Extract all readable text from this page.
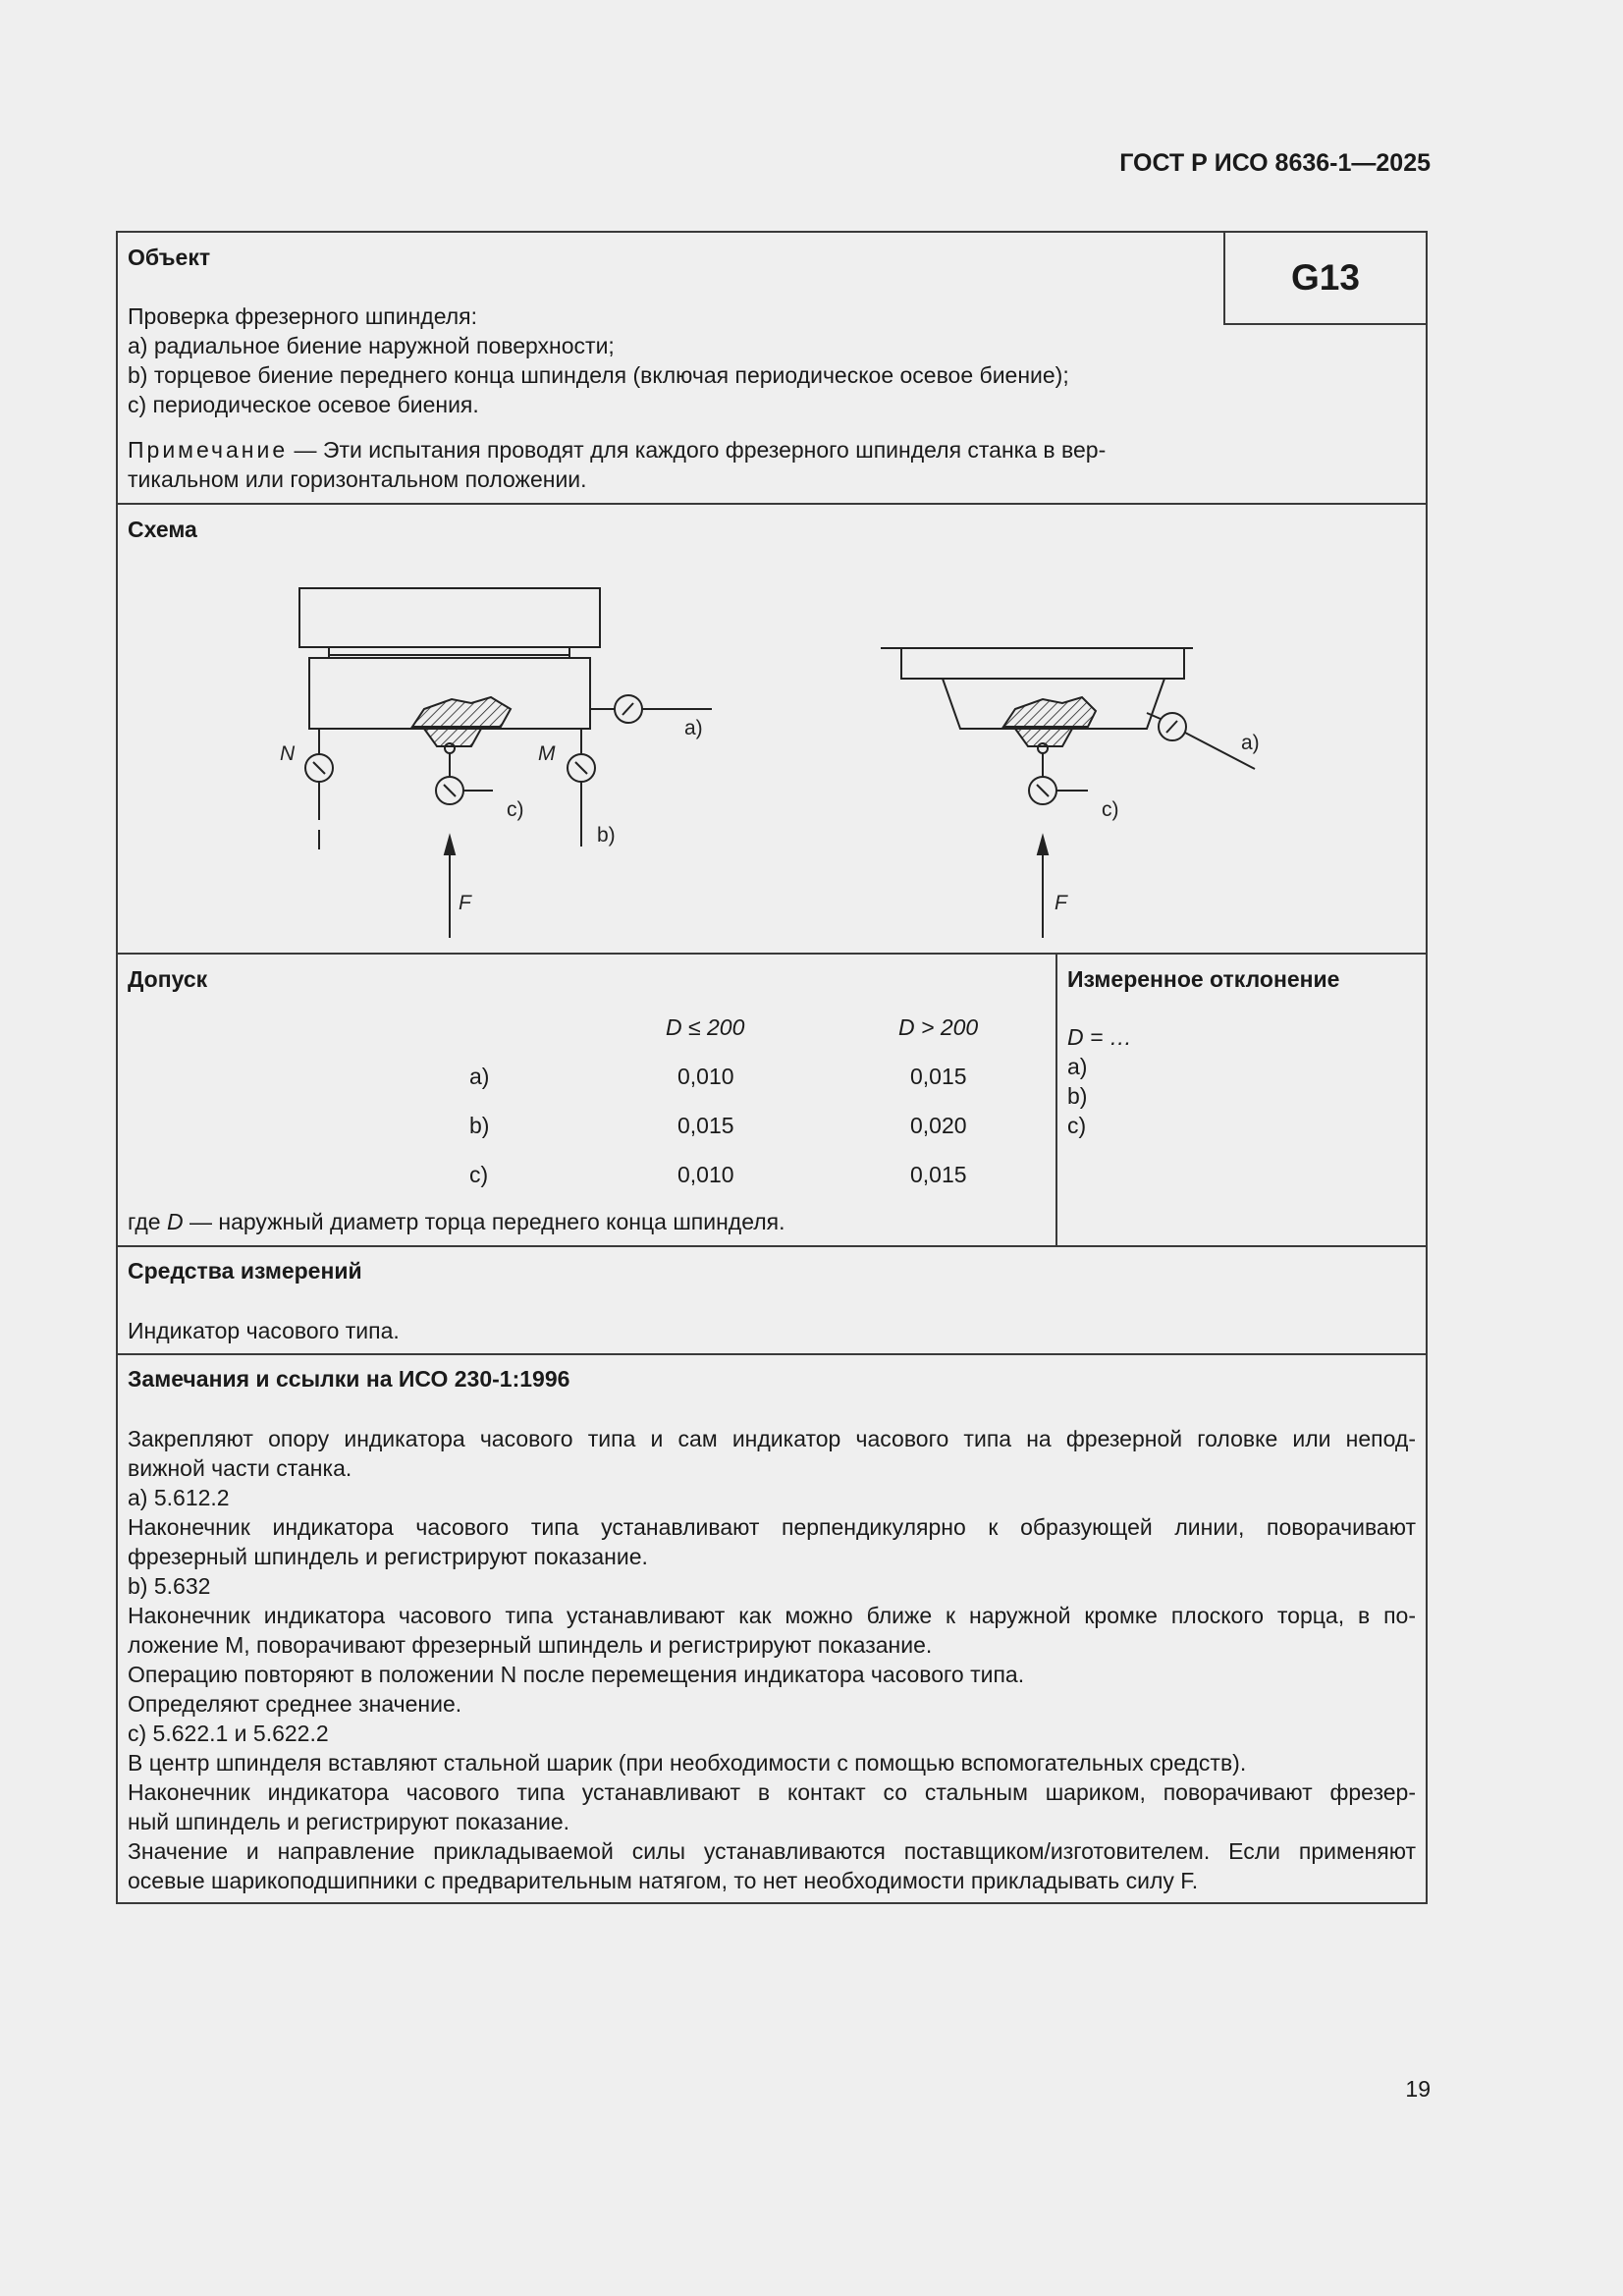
ГОСТ Р ИСО 8636-1—2025
G13
Объект
Проверка фрезерного шпинделя:
a) радиальное биение наружной поверхности;
b) торцевое биение переднего конца шпинделя (включая периодическое осевое биение);
c) периодическое осевое биения.
Примечание — Эти испытания проводят для каждого фрезерного шпинделя станка в вер-
тикальном или горизонтальном положении.
Схема
N	M
a)
c)
b)
F
a)
c)
F
Допуск
D ≤ 200	D > 200
a)	0,010	0,015
b)	0,015	0,020
c)	0,010	0,015
где D — наружный диаметр торца переднего конца шпинделя.
Измеренное отклонение
D = …
a)
b)
c)
Средства измерений
Индикатор часового типа.
Замечания и ссылки на ИСО 230-1:1996
Закрепляют опору индикатора часового типа и сам индикатор часового типа на фрезерной головке или непод-
вижной части станка.
a) 5.612.2
Наконечник индикатора часового типа устанавливают перпендикулярно к образующей линии, поворачивают
фрезерный шпиндель и регистрируют показание.
b) 5.632
Наконечник индикатора часового типа устанавливают как можно ближе к наружной кромке плоского торца, в по-
ложение M, поворачивают фрезерный шпиндель и регистрируют показание.
Операцию повторяют в положении N после перемещения индикатора часового типа.
Определяют среднее значение.
c) 5.622.1 и 5.622.2
В центр шпинделя вставляют стальной шарик (при необходимости с помощью вспомогательных средств).
Наконечник индикатора часового типа устанавливают в контакт со стальным шариком, поворачивают фрезер-
ный шпиндель и регистрируют показание.
Значение и направление прикладываемой силы устанавливаются поставщиком/изготовителем. Если применяют
осевые шарикоподшипники с предварительным натягом, то нет необходимости прикладывать силу F.
19
